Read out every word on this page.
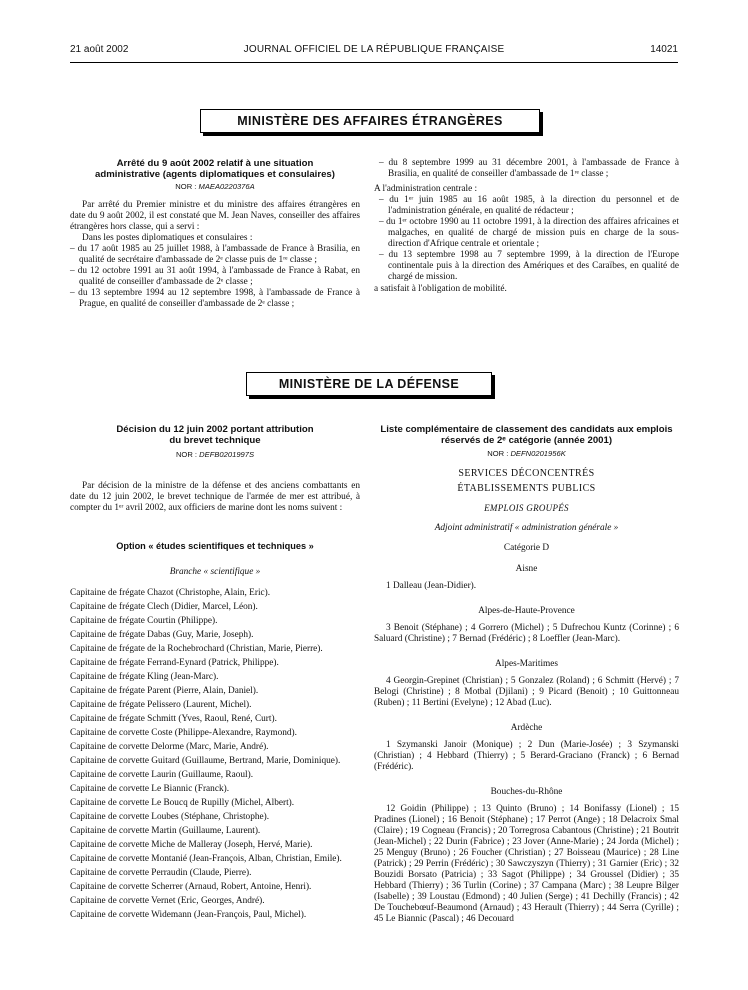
21 août 2002	JOURNAL OFFICIEL DE LA RÉPUBLIQUE FRANÇAISE	14021
MINISTÈRE DES AFFAIRES ÉTRANGÈRES
Arrêté du 9 août 2002 relatif à une situation administrative (agents diplomatiques et consulaires)
NOR : MAEA0220376A

Par arrêté du Premier ministre et du ministre des affaires étrangères en date du 9 août 2002, il est constaté que M. Jean Naves, conseiller des affaires étrangères hors classe, qui a servi :

Dans les postes diplomatiques et consulaires :

– du 17 août 1985 au 25 juillet 1988, à l'ambassade de France à Brasilia, en qualité de secrétaire d'ambassade de 2ᵉ classe puis de 1ʳᵉ classe ;

– du 12 octobre 1991 au 31 août 1994, à l'ambassade de France à Rabat, en qualité de conseiller d'ambassade de 2ᵉ classe ;

– du 13 septembre 1994 au 12 septembre 1998, à l'ambassade de France à Prague, en qualité de conseiller d'ambassade de 2ᵉ classe ;

– du 8 septembre 1999 au 31 décembre 2001, à l'ambassade de France à Brasilia, en qualité de conseiller d'ambassade de 1ʳᵉ classe ;

A l'administration centrale :

– du 1ᵉʳ juin 1985 au 16 août 1985, à la direction du personnel et de l'administration générale, en qualité de rédacteur ;

– du 1ᵉʳ octobre 1990 au 11 octobre 1991, à la direction des affaires africaines et malgaches, en qualité de chargé de mission puis en charge de la sous-direction d'Afrique centrale et orientale ;

– du 13 septembre 1998 au 7 septembre 1999, à la direction de l'Europe continentale puis à la direction des Amériques et des Caraïbes, en qualité de chargé de mission.

a satisfait à l'obligation de mobilité.

MINISTÈRE DE LA DÉFENSE
Décision du 12 juin 2002 portant attribution du brevet technique
NOR : DEFB0201997S

Par décision de la ministre de la défense et des anciens combattants en date du 12 juin 2002, le brevet technique de l'armée de mer est attribué, à compter du 1ᵉʳ avril 2002, aux officiers de marine dont les noms suivent :

Option « études scientifiques et techniques »
Branche « scientifique »

Capitaine de frégate Chazot (Christophe, Alain, Eric).

Capitaine de frégate Clech (Didier, Marcel, Léon).

Capitaine de frégate Courtin (Philippe).

Capitaine de frégate Dabas (Guy, Marie, Joseph).

Capitaine de frégate de la Rochebrochard (Christian, Marie, Pierre).

Capitaine de frégate Ferrand-Eynard (Patrick, Philippe).

Capitaine de frégate Kling (Jean-Marc).

Capitaine de frégate Parent (Pierre, Alain, Daniel).

Capitaine de frégate Pelissero (Laurent, Michel).

Capitaine de frégate Schmitt (Yves, Raoul, René, Curt).

Capitaine de corvette Coste (Philippe-Alexandre, Raymond).

Capitaine de corvette Delorme (Marc, Marie, André).

Capitaine de corvette Guitard (Guillaume, Bertrand, Marie, Dominique).

Capitaine de corvette Laurin (Guillaume, Raoul).

Capitaine de corvette Le Biannic (Franck).

Capitaine de corvette Le Boucq de Rupilly (Michel, Albert).

Capitaine de corvette Loubes (Stéphane, Christophe).

Capitaine de corvette Martin (Guillaume, Laurent).

Capitaine de corvette Miche de Malleray (Joseph, Hervé, Marie).

Capitaine de corvette Montanié (Jean-François, Alban, Christian, Emile).

Capitaine de corvette Perraudin (Claude, Pierre).

Capitaine de corvette Scherrer (Arnaud, Robert, Antoine, Henri).

Capitaine de corvette Vernet (Eric, Georges, André).

Capitaine de corvette Widemann (Jean-François, Paul, Michel).

Liste complémentaire de classement des candidats aux emplois réservés de 2ᵉ catégorie (année 2001)
NOR : DEFN0201956K
SERVICES DÉCONCENTRÉS
ÉTABLISSEMENTS PUBLICS
EMPLOIS GROUPÉS
Adjoint administratif « administration générale »
Catégorie D
Aisne

1 Dalleau (Jean-Didier).

Alpes-de-Haute-Provence

3 Benoit (Stéphane) ; 4 Gorrero (Michel) ; 5 Dufrechou Kuntz (Corinne) ; 6 Saluard (Christine) ; 7 Bernad (Frédéric) ; 8 Loeffler (Jean-Marc).

Alpes-Maritimes

4 Georgin-Grepinet (Christian) ; 5 Gonzalez (Roland) ; 6 Schmitt (Hervé) ; 7 Belogi (Christine) ; 8 Motbal (Djilani) ; 9 Picard (Benoit) ; 10 Guittonneau (Ruben) ; 11 Bertini (Evelyne) ; 12 Abad (Luc).

Ardèche

1 Szymanski Janoir (Monique) ; 2 Dun (Marie-Josée) ; 3 Szymanski (Christian) ; 4 Hebbard (Thierry) ; 5 Berard-Graciano (Franck) ; 6 Bernad (Frédéric).

Bouches-du-Rhône

12 Goidin (Philippe) ; 13 Quinto (Bruno) ; 14 Bonifassy (Lionel) ; 15 Pradines (Lionel) ; 16 Benoit (Stéphane) ; 17 Perrot (Ange) ; 18 Delacroix Smal (Claire) ; 19 Cogneau (Francis) ; 20 Torregrosa Cabantous (Christine) ; 21 Boutrit (Jean-Michel) ; 22 Durin (Fabrice) ; 23 Jover (Anne-Marie) ; 24 Jorda (Michel) ; 25 Menguy (Bruno) ; 26 Foucher (Christian) ; 27 Boisseau (Maurice) ; 28 Line (Patrick) ; 29 Perrin (Frédéric) ; 30 Sawczyszyn (Thierry) ; 31 Garnier (Eric) ; 32 Bouzidi Borsato (Patricia) ; 33 Sagot (Philippe) ; 34 Groussel (Didier) ; 35 Hebbard (Thierry) ; 36 Turlin (Corine) ; 37 Campana (Marc) ; 38 Leupre Bilger (Isabelle) ; 39 Loustau (Edmond) ; 40 Julien (Serge) ; 41 Dechilly (Francis) ; 42 De Touchebœuf-Beaumond (Arnaud) ; 43 Herault (Thierry) ; 44 Serra (Cyrille) ; 45 Le Biannic (Pascal) ; 46 Decouard
